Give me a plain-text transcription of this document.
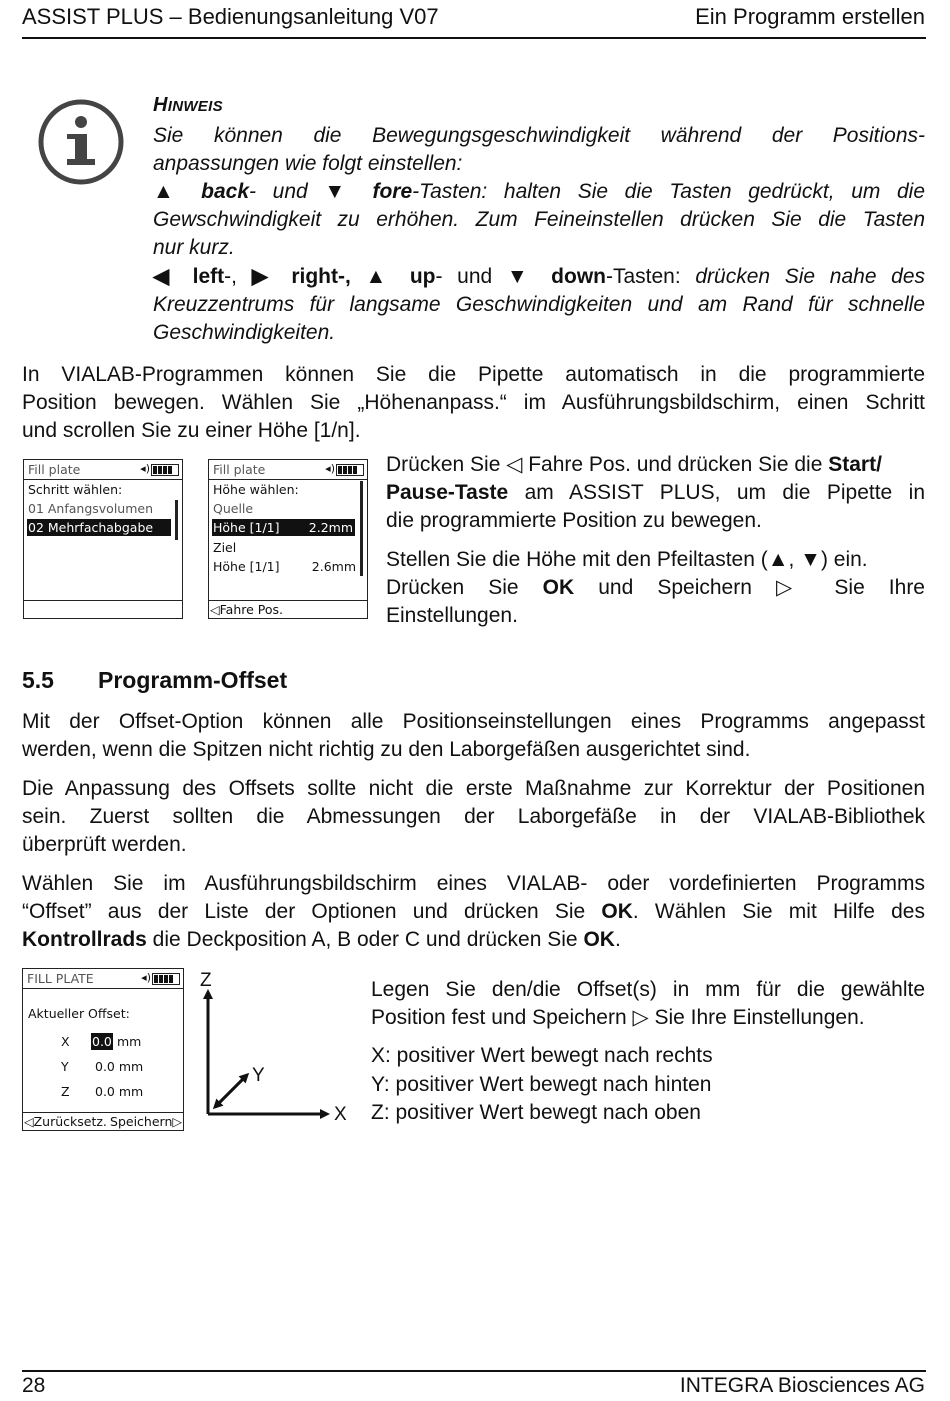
ASSIST PLUS – Bedienungsanleitung V07	Ein Programm erstellen
HINWEIS
Sie können die Bewegungsgeschwindigkeit während der Positions-
anpassungen wie folgt einstellen:
▲ back- und ▼ fore-Tasten: halten Sie die Tasten gedrückt, um die
Gewschwindigkeit zu erhöhen. Zum Feineinstellen drücken Sie die Tasten
nur kurz.
◀ left-, ▶ right-, ▲ up- und ▼ down-Tasten: drücken Sie nahe des
Kreuzzentrums für langsame Geschwindigkeiten und am Rand für schnelle
Geschwindigkeiten.
In VIALAB-Programmen können Sie die Pipette automatisch in die programmierte
Position bewegen. Wählen Sie „Höhenanpass.“ im Ausführungsbildschirm, einen Schritt
und scrollen Sie zu einer Höhe [1/n].
Fill plate	◂)
Schritt wählen:
01 Anfangsvolumen
02 Mehrfachabgabe
Fill plate	◂)
Höhe wählen:
Quelle
Höhe [1/1] 2.2mm
Ziel
Höhe [1/1]	2.6mm
◁Fahre Pos.
Drücken Sie ◁ Fahre Pos. und drücken Sie die Start/
Pause-Taste am ASSIST PLUS, um die Pipette in
die programmierte Position zu bewegen.
Stellen Sie die Höhe mit den Pfeiltasten (▲, ▼) ein.
Drücken Sie OK und Speichern ▷ Sie Ihre
Einstellungen.
5.5 Programm-Offset
Mit der Offset-Option können alle Positionseinstellungen eines Programms angepasst
werden, wenn die Spitzen nicht richtig zu den Laborgefäßen ausgerichtet sind.
Die Anpassung des Offsets sollte nicht die erste Maßnahme zur Korrektur der Positionen
sein. Zuerst sollten die Abmessungen der Laborgefäße in der VIALAB-Bibliothek
überprüft werden.
Wählen Sie im Ausführungsbildschirm eines VIALAB- oder vordefinierten Programms
“Offset” aus der Liste der Optionen und drücken Sie OK. Wählen Sie mit Hilfe des
Kontrollrads die Deckposition A, B oder C und drücken Sie OK.
FILL PLATE	◂)
Aktueller Offset:
X 0.0 mm
Y 0.0 mm
Z 0.0 mm
◁Zurücksetz. Speichern▷
Z
Y
X
Legen Sie den/die Offset(s) in mm für die gewählte
Position fest und Speichern ▷ Sie Ihre Einstellungen.
X: positiver Wert bewegt nach rechts
Y: positiver Wert bewegt nach hinten
Z: positiver Wert bewegt nach oben
28	INTEGRA Biosciences AG
